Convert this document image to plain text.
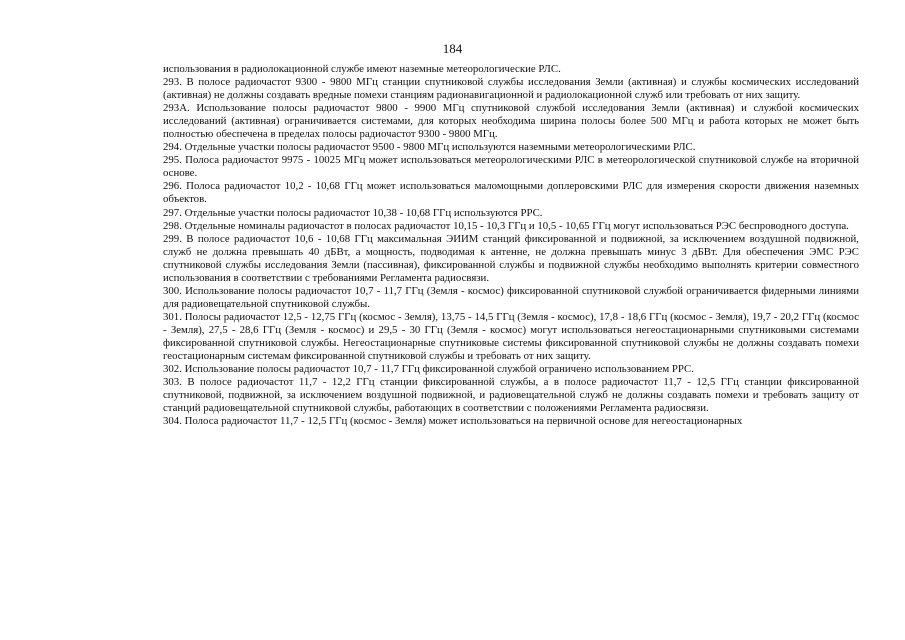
184

использования в радиолокационной службе имеют наземные метеорологические РЛС.

293. В полосе радиочастот 9300 - 9800 МГц станции спутниковой службы исследования Земли (активная) и службы космических исследований (активная) не должны создавать вредные помехи станциям радионавигационной и радиолокационной служб или требовать от них защиту.

293А. Использование полосы радиочастот 9800 - 9900 МГц спутниковой службой исследования Земли (активная) и службой космических исследований (активная) ограничивается системами, для которых необходима ширина полосы более 500 МГц и работа которых не может быть полностью обеспечена в пределах полосы радиочастот 9300 - 9800 МГц.

294. Отдельные участки полосы радиочастот 9500 - 9800 МГц используются наземными метеорологическими РЛС.

295. Полоса радиочастот 9975 - 10025 МГц может использоваться метеорологическими РЛС в метеорологической спутниковой службе на вторичной основе.

296. Полоса радиочастот 10,2 - 10,68 ГГц может использоваться маломощными доплеровскими РЛС для измерения скорости движения наземных объектов.

297. Отдельные участки полосы радиочастот 10,38 - 10,68 ГГц используются РРС.

298. Отдельные номиналы радиочастот в полосах радиочастот 10,15 - 10,3 ГГц и 10,5 - 10,65 ГГц могут использоваться РЭС беспроводного доступа.

299. В полосе радиочастот 10,6 - 10,68 ГГц максимальная ЭИИМ станций фиксированной и подвижной, за исключением воздушной подвижной, служб не должна превышать 40 дБВт, а мощность, подводимая к антенне, не должна превышать минус 3 дБВт. Для обеспечения ЭМС РЭС спутниковой службы исследования Земли (пассивная), фиксированной службы и подвижной службы необходимо выполнять критерии совместного использования в соответствии с требованиями Регламента радиосвязи.

300. Использование полосы радиочастот 10,7 - 11,7 ГГц (Земля - космос) фиксированной спутниковой службой ограничивается фидерными линиями для радиовещательной спутниковой службы.

301. Полосы радиочастот 12,5 - 12,75 ГГц (космос - Земля), 13,75 - 14,5 ГГц (Земля - космос), 17,8 - 18,6 ГГц (космос - Земля), 19,7 - 20,2 ГГц (космос - Земля), 27,5 - 28,6 ГГц (Земля - космос) и 29,5 - 30 ГГц (Земля - космос) могут использоваться негеостационарными спутниковыми системами фиксированной спутниковой службы. Негеостационарные спутниковые системы фиксированной спутниковой службы не должны создавать помехи геостационарным системам фиксированной спутниковой службы и требовать от них защиту.

302. Использование полосы радиочастот 10,7 - 11,7 ГГц фиксированной службой ограничено использованием РРС.

303. В полосе радиочастот 11,7 - 12,2 ГГц станции фиксированной службы, а в полосе радиочастот 11,7 - 12,5 ГГц станции фиксированной спутниковой, подвижной, за исключением воздушной подвижной, и радиовещательной служб не должны создавать помехи и требовать защиту от станций радиовещательной спутниковой службы, работающих в соответствии с положениями Регламента радиосвязи.

304. Полоса радиочастот 11,7 - 12,5 ГГц (космос - Земля) может использоваться на первичной основе для негеостационарных
